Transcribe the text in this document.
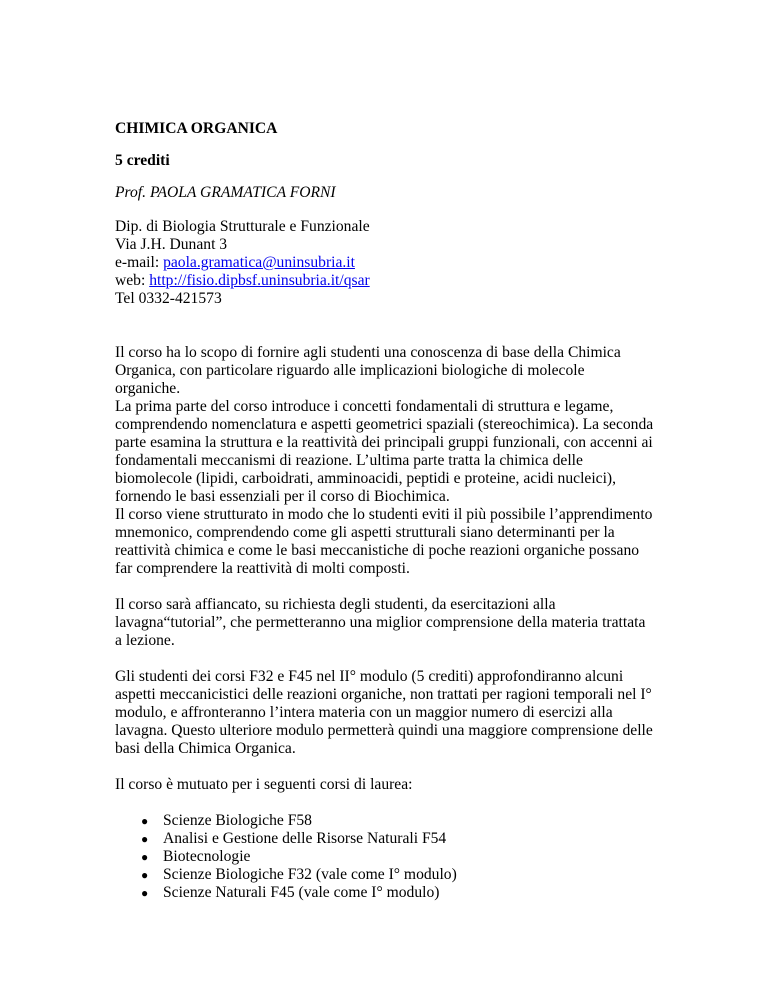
CHIMICA ORGANICA
5 crediti
Prof. PAOLA GRAMATICA FORNI
Dip. di Biologia Strutturale e Funzionale
Via J.H. Dunant 3
e-mail: paola.gramatica@uninsubria.it
web: http://fisio.dipbsf.uninsubria.it/qsar
Tel 0332-421573
Il corso ha lo scopo di fornire agli studenti una conoscenza di base della Chimica
Organica, con particolare riguardo alle implicazioni biologiche di molecole
organiche.
La prima parte del corso introduce i concetti fondamentali di struttura e legame,
comprendendo nomenclatura e aspetti geometrici spaziali (stereochimica). La seconda
parte esamina la struttura e la reattività dei principali gruppi funzionali, con accenni ai
fondamentali meccanismi di reazione. L’ultima parte tratta la chimica delle
biomolecole (lipidi, carboidrati, amminoacidi, peptidi e proteine, acidi nucleici),
fornendo le basi essenziali per il corso di Biochimica.
Il corso viene strutturato in modo che lo studenti eviti il più possibile l’apprendimento
mnemonico, comprendendo come gli aspetti strutturali siano determinanti per la
reattività chimica e come le basi meccanistiche di poche reazioni organiche possano
far comprendere la reattività di molti composti.
Il corso sarà affiancato, su richiesta degli studenti, da esercitazioni alla
lavagna“tutorial”, che permetteranno una miglior comprensione della materia trattata
a lezione.
Gli studenti dei corsi F32 e F45 nel II° modulo (5 crediti) approfondiranno alcuni
aspetti meccanicistici delle reazioni organiche, non trattati per ragioni temporali nel I°
modulo, e affronteranno l’intera materia con un maggior numero di esercizi alla
lavagna. Questo ulteriore modulo permetterà quindi una maggiore comprensione delle
basi della Chimica Organica.
Il corso è mutuato per i seguenti corsi di laurea:
● Scienze Biologiche F58
● Analisi e Gestione delle Risorse Naturali F54
● Biotecnologie
● Scienze Biologiche F32 (vale come I° modulo)
● Scienze Naturali F45 (vale come I° modulo)
